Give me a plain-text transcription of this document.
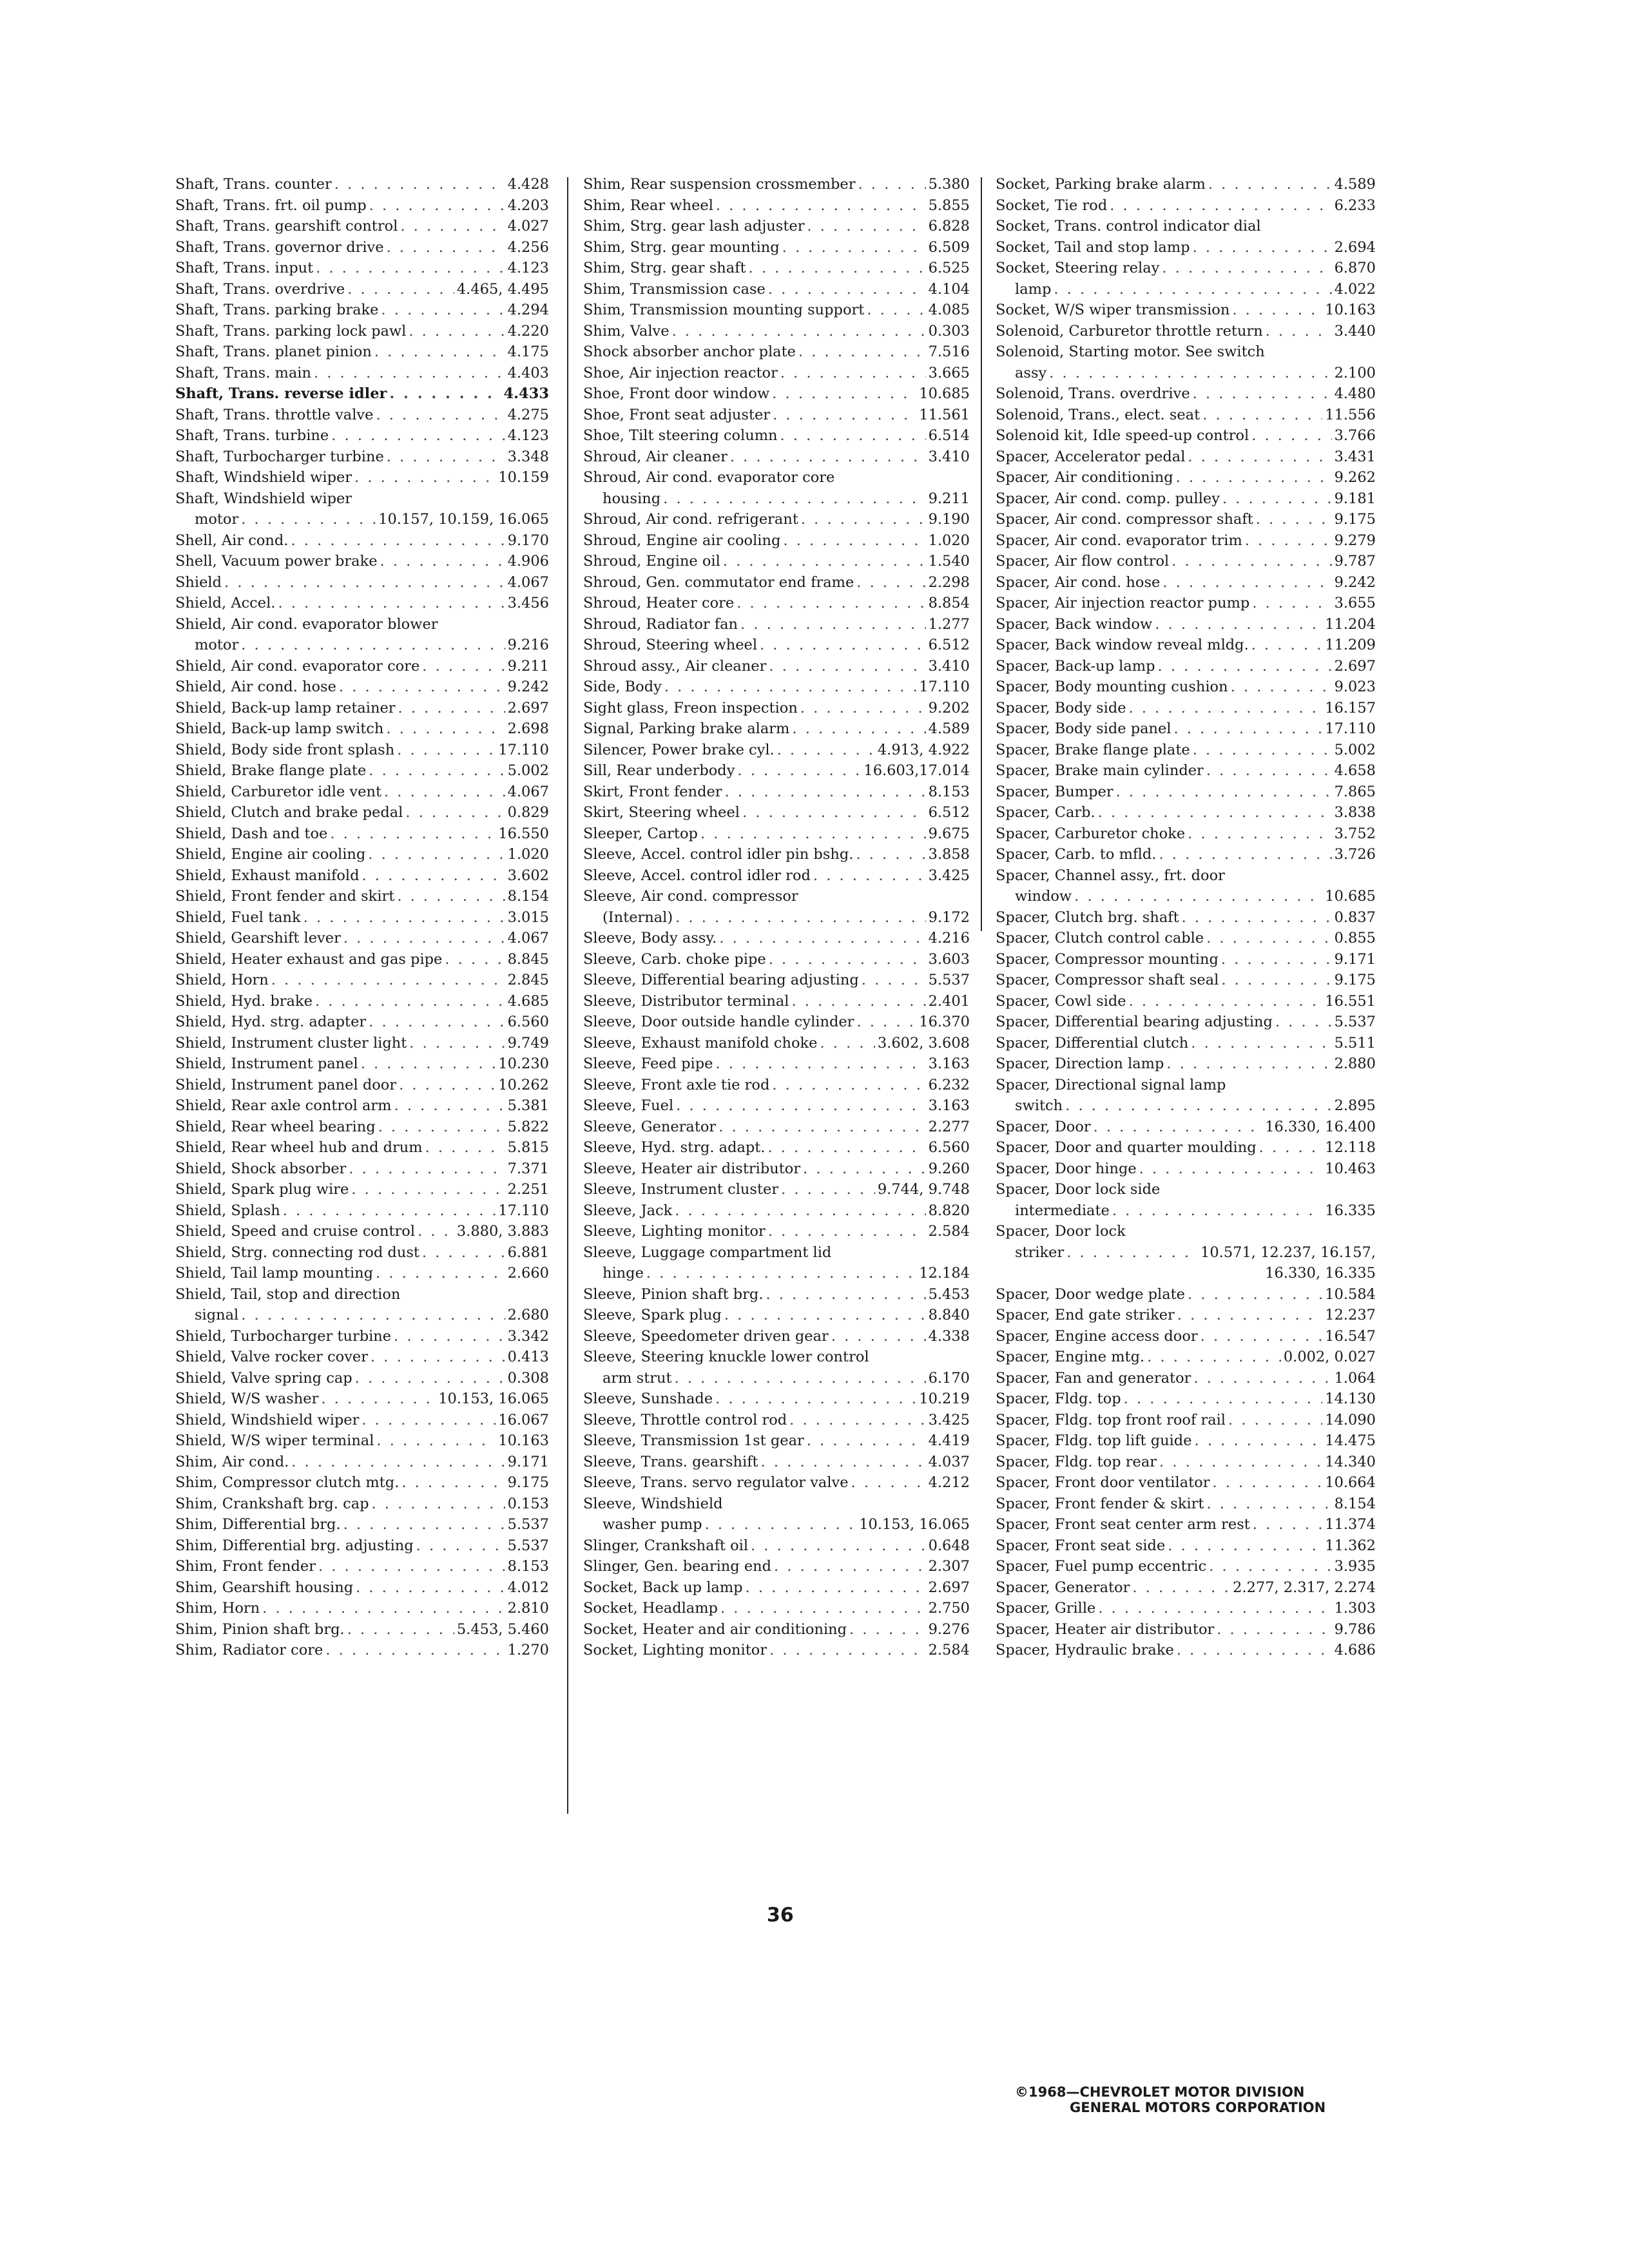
Shaft, Trans. counter . . .	4.428
Shaft, Trans. frt. oil pump . . .	4.203
Shaft, Trans. gearshift control . . .	4.027
Shaft, Trans. governor drive . . .	4.256
Shaft, Trans. input . . .	4.123
Shaft, Trans. overdrive . . .	4.465, 4.495
Shaft, Trans. parking brake . . .	4.294
Shaft, Trans. parking lock pawl . . .	4.220
Shaft, Trans. planet pinion . . .	4.175
Shaft, Trans. main . . .	4.403
Shaft, Trans. reverse idler . . .	4.433
Shaft, Trans. throttle valve . . .	4.275
Shaft, Trans. turbine . . .	4.123
Shaft, Turbocharger turbine . . .	3.348
Shaft, Windshield wiper . . .	10.159
Shaft, Windshield wiper
motor . . .	10.157, 10.159, 16.065
Shell, Air cond. . . .	9.170
Shell, Vacuum power brake . . .	4.906
Shield . . .	4.067
Shield, Accel. . . .	3.456
Shield, Air cond. evaporator blower
motor . . .	9.216
Shield, Air cond. evaporator core . . .	9.211
Shield, Air cond. hose . . .	9.242
Shield, Back-up lamp retainer . . .	2.697
Shield, Back-up lamp switch . . .	2.698
Shield, Body side front splash . . .	17.110
Shield, Brake flange plate . . .	5.002
Shield, Carburetor idle vent . . .	4.067
Shield, Clutch and brake pedal . . .	0.829
Shield, Dash and toe . . .	16.550
Shield, Engine air cooling . . .	1.020
Shield, Exhaust manifold . . .	3.602
Shield, Front fender and skirt . . .	8.154
Shield, Fuel tank . . .	3.015
Shield, Gearshift lever . . .	4.067
Shield, Heater exhaust and gas pipe . . .	8.845
Shield, Horn . . .	2.845
Shield, Hyd. brake . . .	4.685
Shield, Hyd. strg. adapter . . .	6.560
Shield, Instrument cluster light . . .	9.749
Shield, Instrument panel . . .	10.230
Shield, Instrument panel door . . .	10.262
Shield, Rear axle control arm . . .	5.381
Shield, Rear wheel bearing . . .	5.822
Shield, Rear wheel hub and drum . . .	5.815
Shield, Shock absorber . . .	7.371
Shield, Spark plug wire . . .	2.251
Shield, Splash . . .	17.110
Shield, Speed and cruise control . . .	3.880, 3.883
Shield, Strg. connecting rod dust . . .	6.881
Shield, Tail lamp mounting . . .	2.660
Shield, Tail, stop and direction
signal . . .	2.680
Shield, Turbocharger turbine . . .	3.342
Shield, Valve rocker cover . . .	0.413
Shield, Valve spring cap . . .	0.308
Shield, W/S washer . . .	10.153, 16.065
Shield, Windshield wiper . . .	16.067
Shield, W/S wiper terminal . . .	10.163
Shim, Air cond. . . .	9.171
Shim, Compressor clutch mtg. . . .	9.175
Shim, Crankshaft brg. cap . . .	0.153
Shim, Differential brg. . . .	5.537
Shim, Differential brg. adjusting . . .	5.537
Shim, Front fender . . .	8.153
Shim, Gearshift housing . . .	4.012
Shim, Horn . . .	2.810
Shim, Pinion shaft brg. . . .	5.453, 5.460
Shim, Radiator core . . .	1.270
Shim, Rear suspension crossmember . . .	5.380
Shim, Rear wheel . . .	5.855
Shim, Strg. gear lash adjuster . . .	6.828
Shim, Strg. gear mounting . . .	6.509
Shim, Strg. gear shaft . . .	6.525
Shim, Transmission case . . .	4.104
Shim, Transmission mounting support . . .	4.085
Shim, Valve . . .	0.303
Shock absorber anchor plate . . .	7.516
Shoe, Air injection reactor . . .	3.665
Shoe, Front door window . . .	10.685
Shoe, Front seat adjuster . . .	11.561
Shoe, Tilt steering column . . .	6.514
Shroud, Air cleaner . . .	3.410
Shroud, Air cond. evaporator core
housing . . .	9.211
Shroud, Air cond. refrigerant . . .	9.190
Shroud, Engine air cooling . . .	1.020
Shroud, Engine oil . . .	1.540
Shroud, Gen. commutator end frame . . .	2.298
Shroud, Heater core . . .	8.854
Shroud, Radiator fan . . .	1.277
Shroud, Steering wheel . . .	6.512
Shroud assy., Air cleaner . . .	3.410
Side, Body . . .	17.110
Sight glass, Freon inspection . . .	9.202
Signal, Parking brake alarm . . .	4.589
Silencer, Power brake cyl. . . .	4.913, 4.922
Sill, Rear underbody . . .	16.603,17.014
Skirt, Front fender . . .	8.153
Skirt, Steering wheel . . .	6.512
Sleeper, Cartop . . .	9.675
Sleeve, Accel. control idler pin bshg. . . .	3.858
Sleeve, Accel. control idler rod . . .	3.425
Sleeve, Air cond. compressor
(Internal) . . .	9.172
Sleeve, Body assy. . . .	4.216
Sleeve, Carb. choke pipe . . .	3.603
Sleeve, Differential bearing adjusting . . .	5.537
Sleeve, Distributor terminal . . .	2.401
Sleeve, Door outside handle cylinder . . .	16.370
Sleeve, Exhaust manifold choke . . .	3.602, 3.608
Sleeve, Feed pipe . . .	3.163
Sleeve, Front axle tie rod . . .	6.232
Sleeve, Fuel . . .	3.163
Sleeve, Generator . . .	2.277
Sleeve, Hyd. strg. adapt. . . .	6.560
Sleeve, Heater air distributor . . .	9.260
Sleeve, Instrument cluster . . .	9.744, 9.748
Sleeve, Jack . . .	8.820
Sleeve, Lighting monitor . . .	2.584
Sleeve, Luggage compartment lid
hinge . . .	12.184
Sleeve, Pinion shaft brg. . . .	5.453
Sleeve, Spark plug . . .	8.840
Sleeve, Speedometer driven gear . . .	4.338
Sleeve, Steering knuckle lower control
arm strut . . .	6.170
Sleeve, Sunshade . . .	10.219
Sleeve, Throttle control rod . . .	3.425
Sleeve, Transmission 1st gear . . .	4.419
Sleeve, Trans. gearshift . . .	4.037
Sleeve, Trans. servo regulator valve . . .	4.212
Sleeve, Windshield
washer pump . . .	10.153, 16.065
Slinger, Crankshaft oil . . .	0.648
Slinger, Gen. bearing end . . .	2.307
Socket, Back up lamp . . .	2.697
Socket, Headlamp . . .	2.750
Socket, Heater and air conditioning . . .	9.276
Socket, Lighting monitor . . .	2.584
Socket, Parking brake alarm . . .	4.589
Socket, Tie rod . . .	6.233
Socket, Trans. control indicator dial
Socket, Tail and stop lamp . . .	2.694
Socket, Steering relay . . .	6.870
lamp . . .	4.022
Socket, W/S wiper transmission . . .	10.163
Solenoid, Carburetor throttle return . . .	3.440
Solenoid, Starting motor. See switch
assy . . .	2.100
Solenoid, Trans. overdrive . . .	4.480
Solenoid, Trans., elect. seat . . .	11.556
Solenoid kit, Idle speed-up control . . .	3.766
Spacer, Accelerator pedal . . .	3.431
Spacer, Air conditioning . . .	9.262
Spacer, Air cond. comp. pulley . . .	9.181
Spacer, Air cond. compressor shaft . . .	9.175
Spacer, Air cond. evaporator trim . . .	9.279
Spacer, Air flow control . . .	9.787
Spacer, Air cond. hose . . .	9.242
Spacer, Air injection reactor pump . . .	3.655
Spacer, Back window . . .	11.204
Spacer, Back window reveal mldg. . . .	11.209
Spacer, Back-up lamp . . .	2.697
Spacer, Body mounting cushion . . .	9.023
Spacer, Body side . . .	16.157
Spacer, Body side panel . . .	17.110
Spacer, Brake flange plate . . .	5.002
Spacer, Brake main cylinder . . .	4.658
Spacer, Bumper . . .	7.865
Spacer, Carb. . . .	3.838
Spacer, Carburetor choke . . .	3.752
Spacer, Carb. to mfld. . . .	3.726
Spacer, Channel assy., frt. door
window . . .	10.685
Spacer, Clutch brg. shaft . . .	0.837
Spacer, Clutch control cable . . .	0.855
Spacer, Compressor mounting . . .	9.171
Spacer, Compressor shaft seal . . .	9.175
Spacer, Cowl side . . .	16.551
Spacer, Differential bearing adjusting . . .	5.537
Spacer, Differential clutch . . .	5.511
Spacer, Direction lamp . . .	2.880
Spacer, Directional signal lamp
switch . . .	2.895
Spacer, Door . . .	16.330, 16.400
Spacer, Door and quarter moulding . . .	12.118
Spacer, Door hinge . . .	10.463
Spacer, Door lock side
intermediate . . .	16.335
Spacer, Door lock
striker . . .	10.571, 12.237, 16.157,
16.330, 16.335
Spacer, Door wedge plate . . .	10.584
Spacer, End gate striker . . .	12.237
Spacer, Engine access door . . .	16.547
Spacer, Engine mtg. . . .	0.002, 0.027
Spacer, Fan and generator . . .	1.064
Spacer, Fldg. top . . .	14.130
Spacer, Fldg. top front roof rail . . .	14.090
Spacer, Fldg. top lift guide . . .	14.475
Spacer, Fldg. top rear . . .	14.340
Spacer, Front door ventilator . . .	10.664
Spacer, Front fender & skirt . . .	8.154
Spacer, Front seat center arm rest . . .	11.374
Spacer, Front seat side . . .	11.362
Spacer, Fuel pump eccentric . . .	3.935
Spacer, Generator . . .	2.277, 2.317, 2.274
Spacer, Grille . . .	1.303
Spacer, Heater air distributor . . .	9.786
Spacer, Hydraulic brake . . .	4.686
36
©1968—CHEVROLET MOTOR DIVISION
GENERAL MOTORS CORPORATION
